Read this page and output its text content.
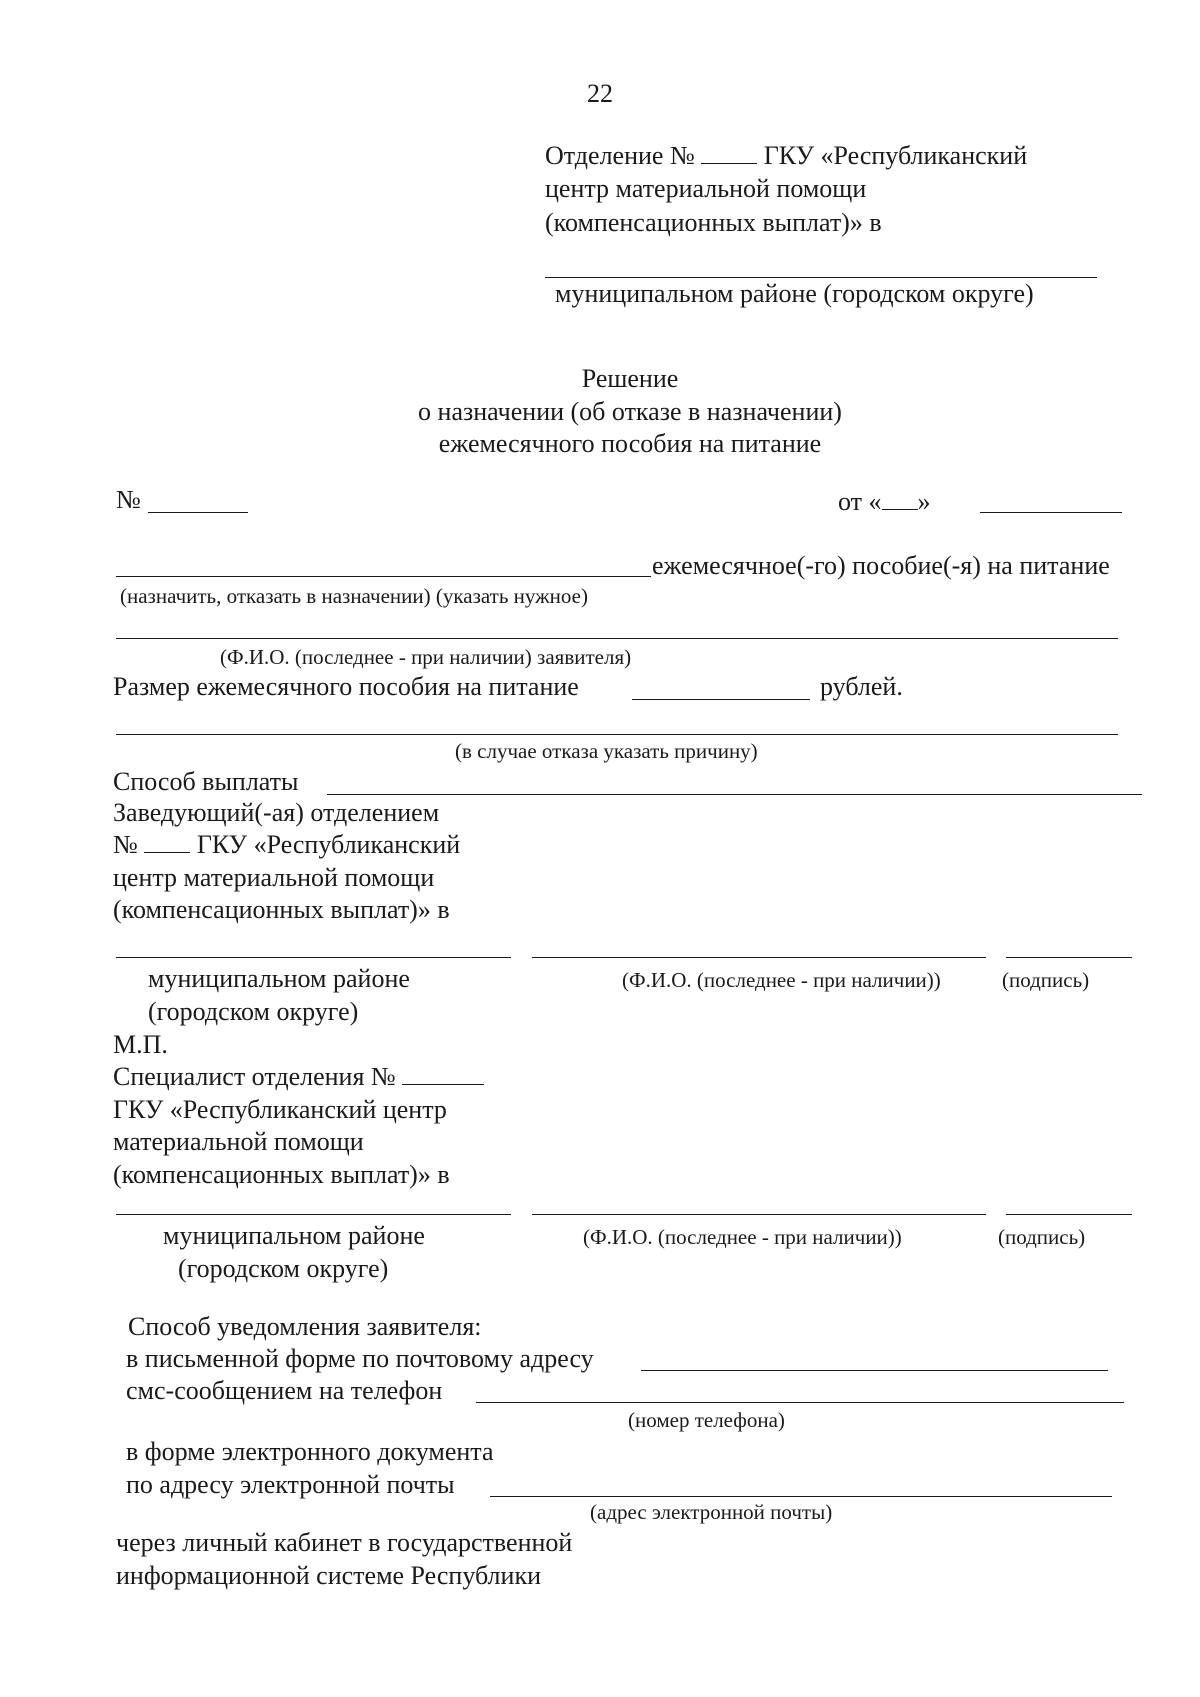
22
Отделение №	ГКУ «Республиканский
центр материальной помощи
(компенсационных выплат)» в
муниципальном районе (городском округе)
Решение
о назначении (об отказе в назначении)
ежемесячного пособия на питание
№	от « »
ежемесячное(-го) пособие(-я) на питание
(назначить, отказать в назначении) (указать нужное)
(Ф.И.О. (последнее - при наличии) заявителя)
Размер ежемесячного пособия на питание	рублей.
(в случае отказа указать причину)
Способ выплаты
Заведующий(-ая) отделением
№ ГКУ «Республиканский
центр материальной помощи
(компенсационных выплат)» в
муниципальном районе	(Ф.И.О. (последнее - при наличии))	(подпись)
(городском округе)
М.П.
Специалист отделения №
ГКУ «Республиканский центр
материальной помощи
(компенсационных выплат)» в
муниципальном районе	(Ф.И.О. (последнее - при наличии))	(подпись)
(городском округе)
Способ уведомления заявителя:
в письменной форме по почтовому адресу
смс-сообщением на телефон
(номер телефона)
в форме электронного документа
по адресу электронной почты
(адрес электронной почты)
через личный кабинет в государственной
информационной системе Республики
